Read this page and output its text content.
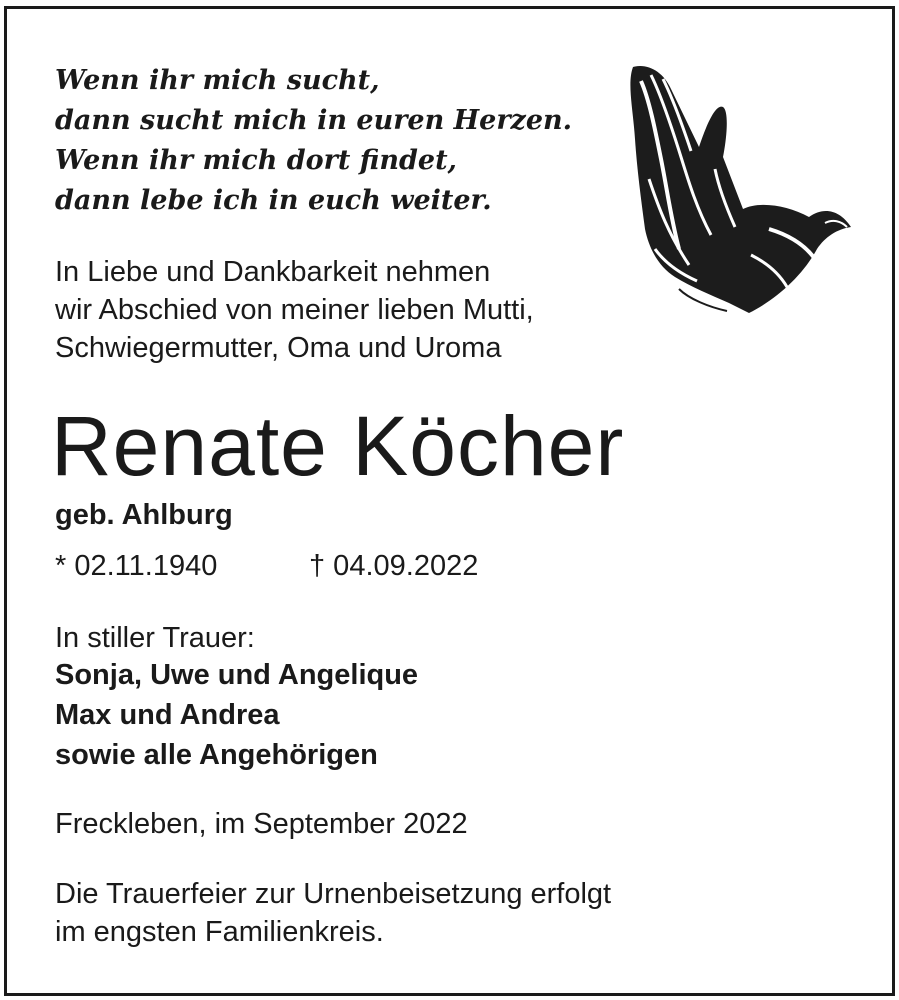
Wenn ihr mich sucht,
dann sucht mich in euren Herzen.
Wenn ihr mich dort findet,
dann lebe ich in euch weiter.
In Liebe und Dankbarkeit nehmen
wir Abschied von meiner lieben Mutti,
Schwiegermutter, Oma und Uroma
Renate Köcher
geb. Ahlburg
* 02.11.1940	† 04.09.2022
In stiller Trauer:
Sonja, Uwe und Angelique
Max und Andrea
sowie alle Angehörigen
Freckleben, im September 2022
Die Trauerfeier zur Urnenbeisetzung erfolgt
im engsten Familienkreis.
